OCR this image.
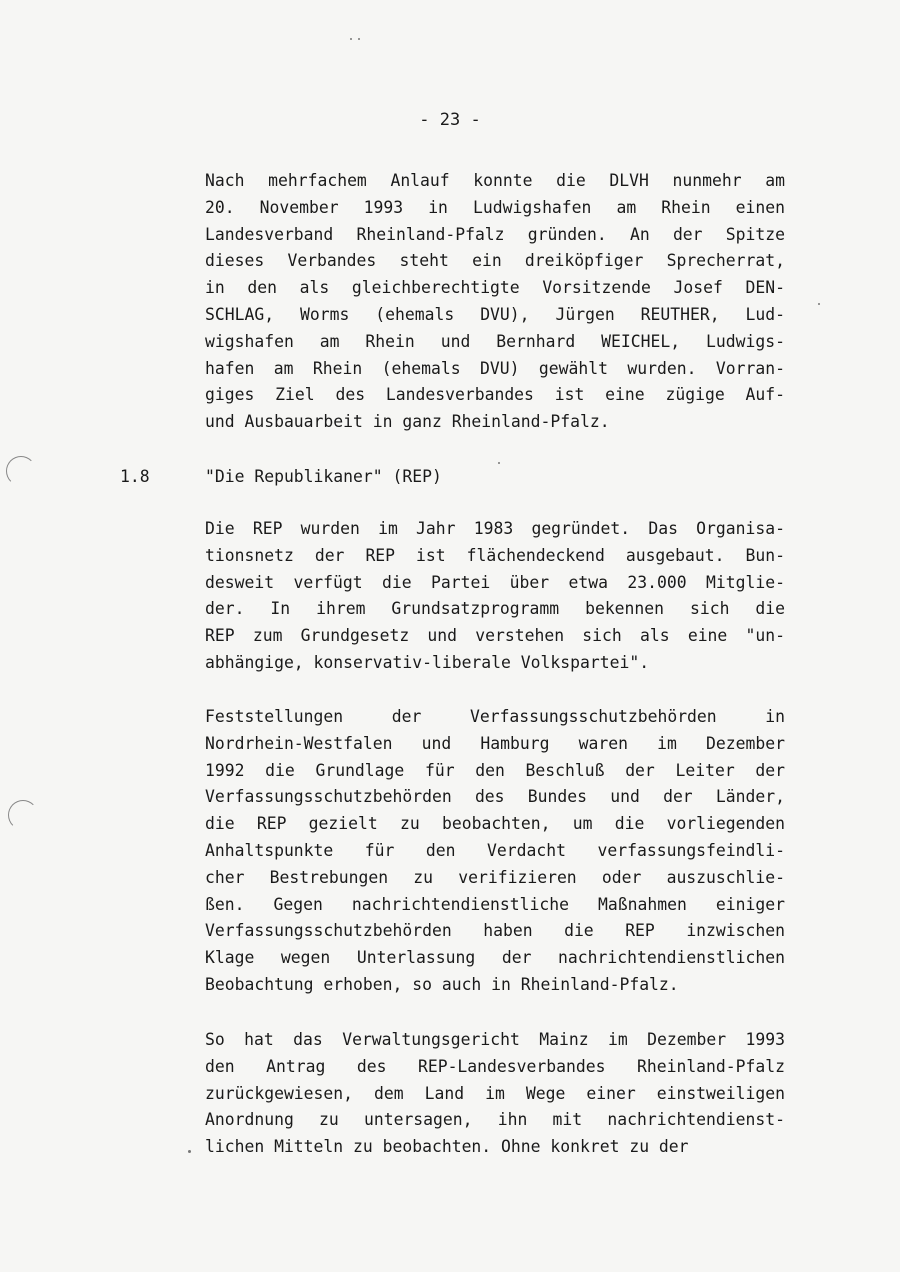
- 23 -
Nach mehrfachem Anlauf konnte die DLVH nunmehr am
20. November 1993 in Ludwigshafen am Rhein einen
Landesverband Rheinland-Pfalz gründen. An der Spitze
dieses Verbandes steht ein dreiköpfiger Sprecherrat,
in den als gleichberechtigte Vorsitzende Josef DEN-
SCHLAG, Worms (ehemals DVU), Jürgen REUTHER, Lud-
wigshafen am Rhein und Bernhard WEICHEL, Ludwigs-
hafen am Rhein (ehemals DVU) gewählt wurden. Vorran-
giges Ziel des Landesverbandes ist eine zügige Auf-
und Ausbauarbeit in ganz Rheinland-Pfalz.
1.8	"Die Republikaner" (REP)
Die REP wurden im Jahr 1983 gegründet. Das Organisa-
tionsnetz der REP ist flächendeckend ausgebaut. Bun-
desweit verfügt die Partei über etwa 23.000 Mitglie-
der. In ihrem Grundsatzprogramm bekennen sich die
REP zum Grundgesetz und verstehen sich als eine "un-
abhängige, konservativ-liberale Volkspartei".
Feststellungen der Verfassungsschutzbehörden in
Nordrhein-Westfalen und Hamburg waren im Dezember
1992 die Grundlage für den Beschluß der Leiter der
Verfassungsschutzbehörden des Bundes und der Länder,
die REP gezielt zu beobachten, um die vorliegenden
Anhaltspunkte für den Verdacht verfassungsfeindli-
cher Bestrebungen zu verifizieren oder auszuschlie-
ßen. Gegen nachrichtendienstliche Maßnahmen einiger
Verfassungsschutzbehörden haben die REP inzwischen
Klage wegen Unterlassung der nachrichtendienstlichen
Beobachtung erhoben, so auch in Rheinland-Pfalz.
So hat das Verwaltungsgericht Mainz im Dezember 1993
den Antrag des REP-Landesverbandes Rheinland-Pfalz
zurückgewiesen, dem Land im Wege einer einstweiligen
Anordnung zu untersagen, ihn mit nachrichtendienst-
lichen Mitteln zu beobachten. Ohne konkret zu der
